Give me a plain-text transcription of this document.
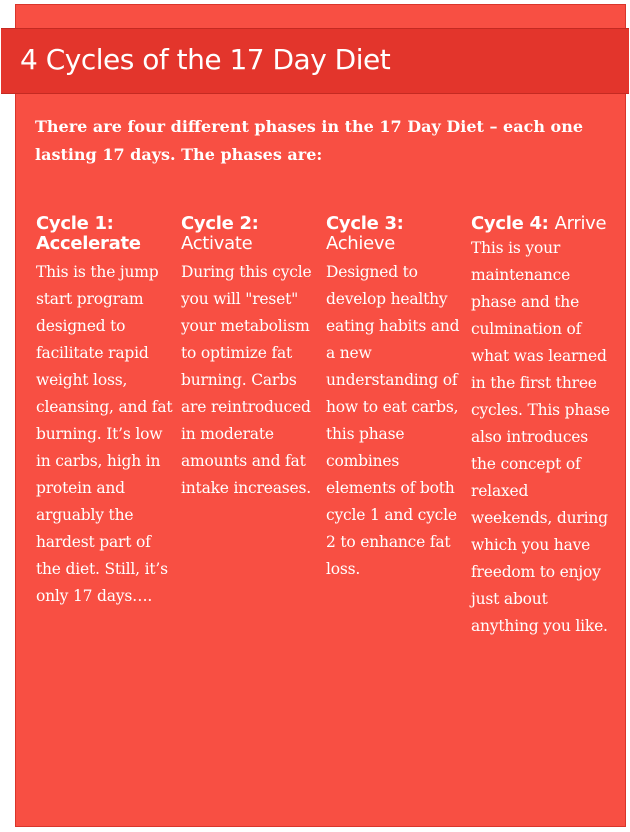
4 Cycles of the 17 Day Diet

There are four different phases in the 17 Day Diet – each one lasting 17 days. The phases are:

Cycle 1:
Accelerate

This is the jump start program designed to facilitate rapid weight loss, cleansing, and fat burning. It’s low in carbs, high in protein and arguably the hardest part of the diet. Still, it’s only 17 days….

Cycle 2:
Activate

During this cycle you will "reset" your metabolism to optimize fat burning. Carbs are reintroduced in moderate amounts and fat intake increases.

Cycle 3:
Achieve

Designed to develop healthy eating habits and a new understanding of how to eat carbs, this phase combines elements of both cycle 1 and cycle 2 to enhance fat loss.

Cycle 4: Arrive

This is your maintenance phase and the culmination of what was learned in the first three cycles. This phase also introduces the concept of relaxed weekends, during which you have freedom to enjoy just about anything you like.
